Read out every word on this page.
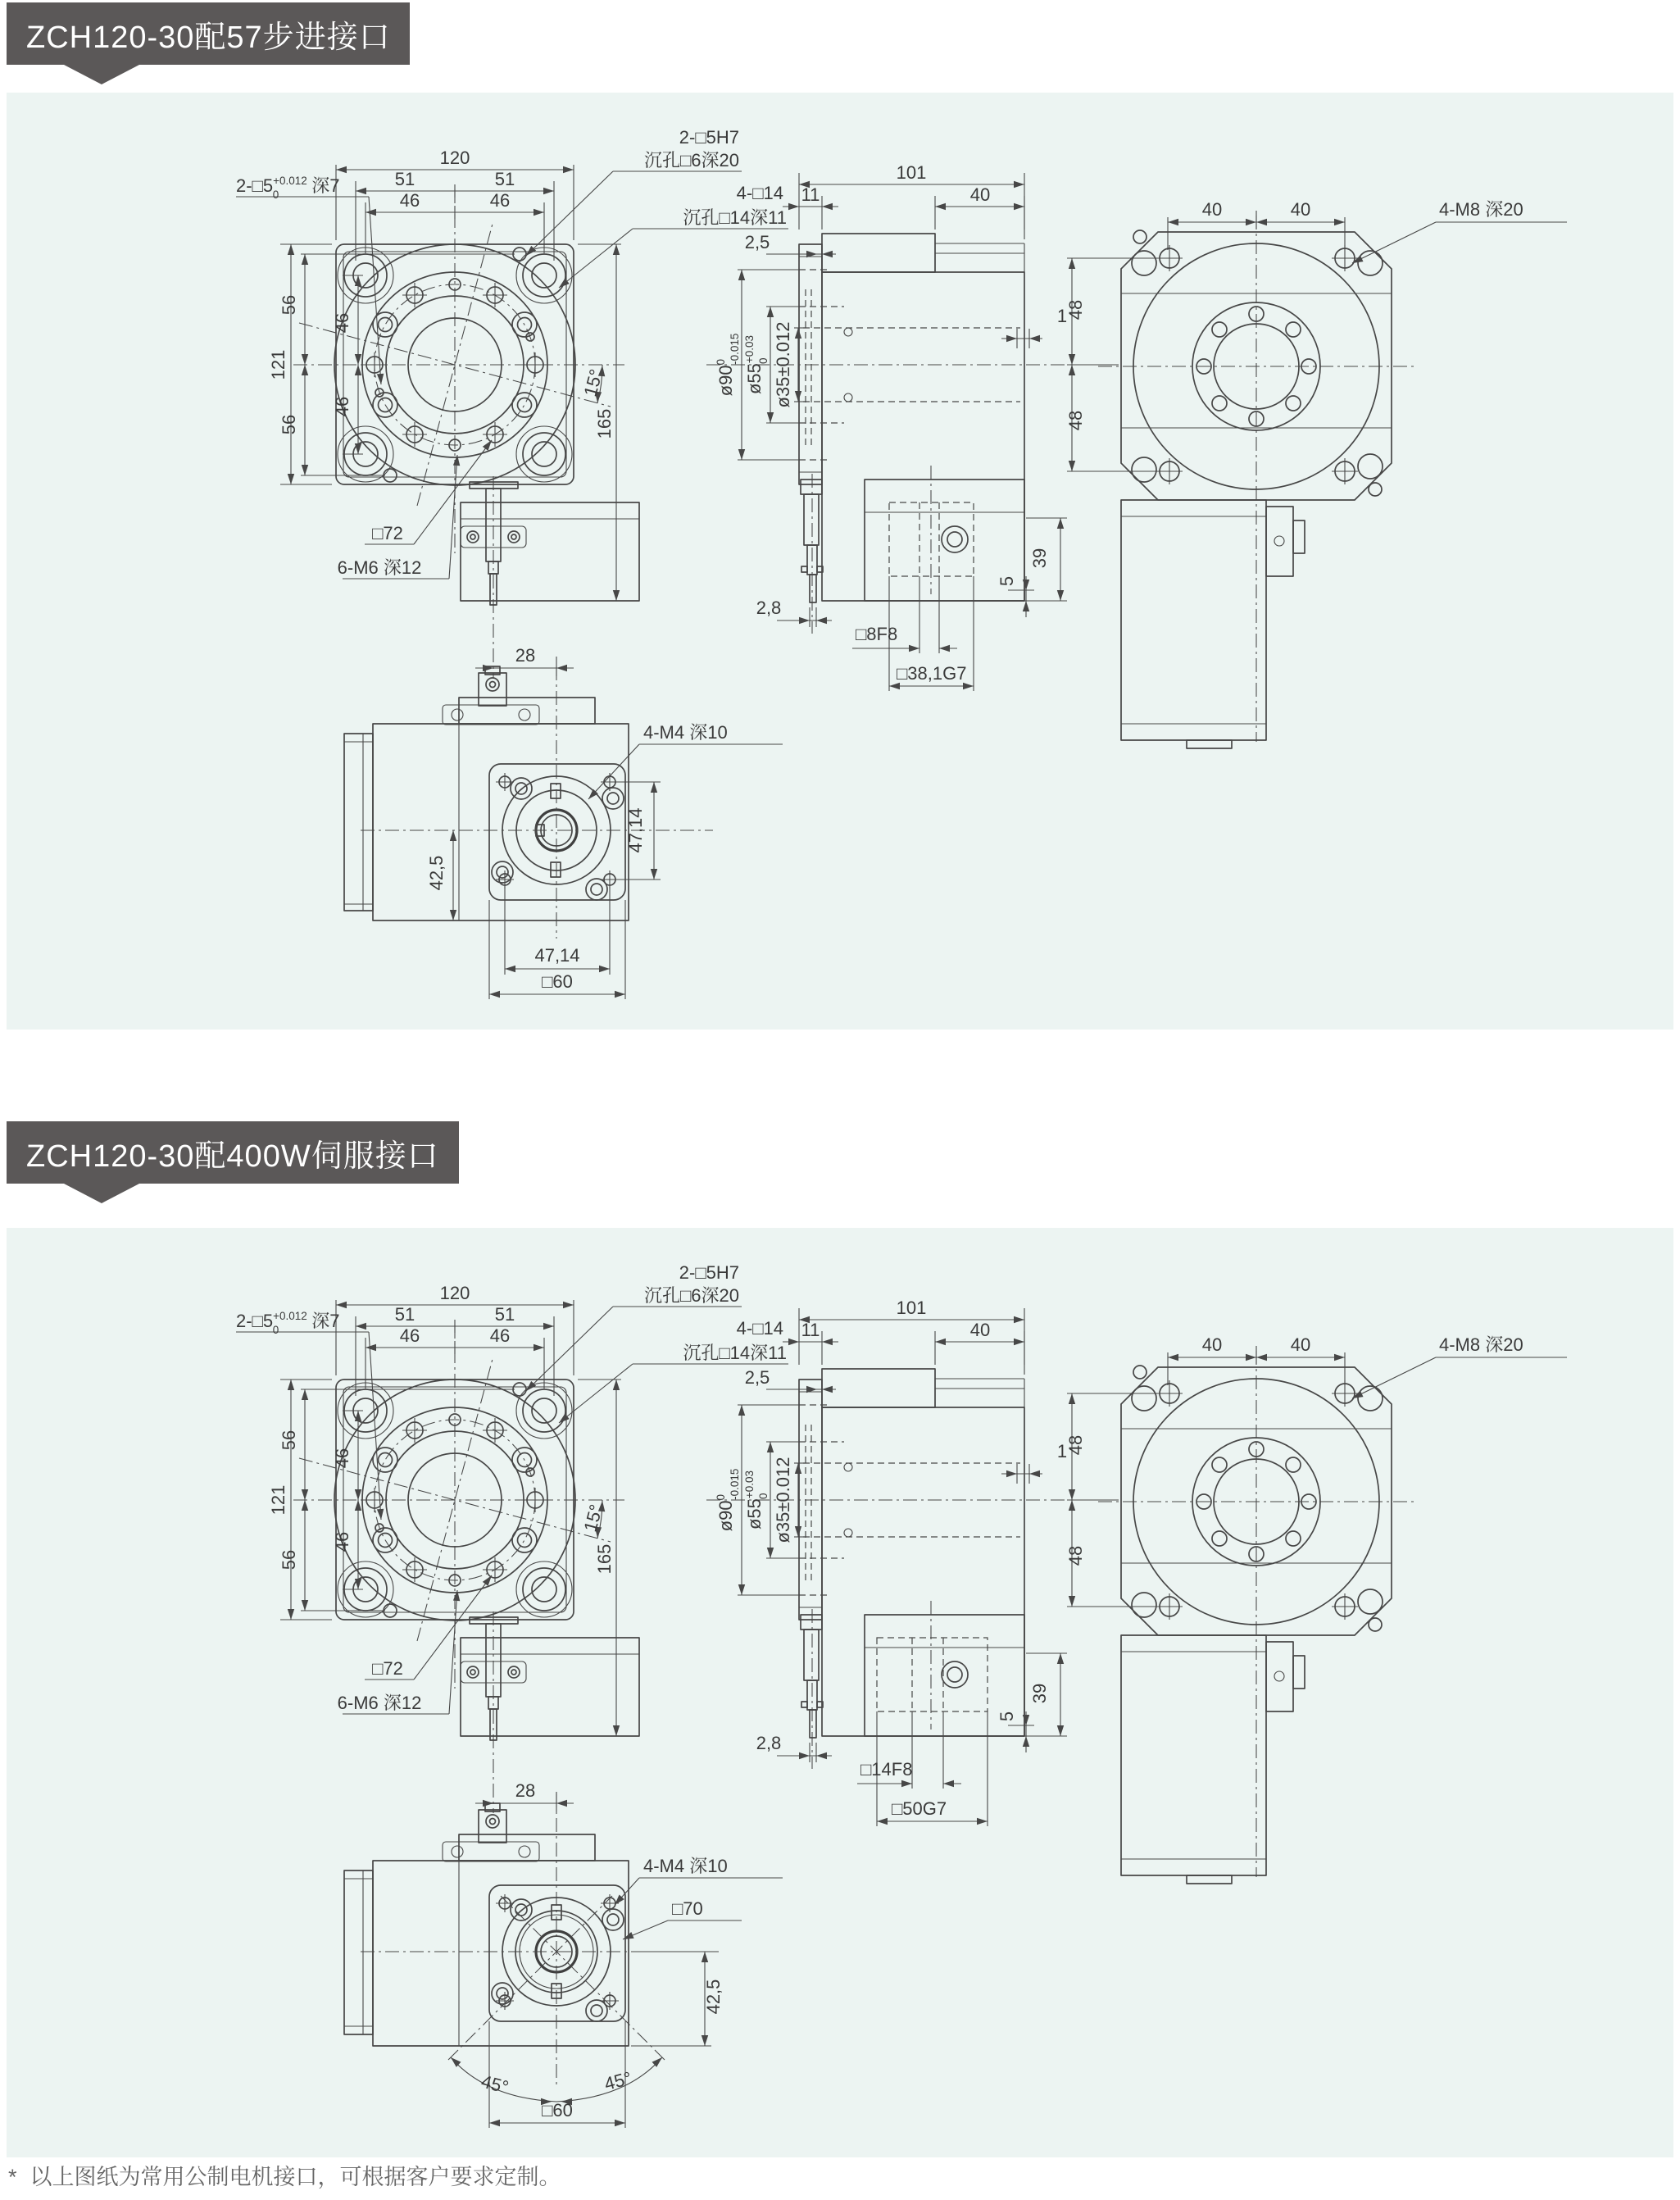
ZCH120-30配57步进接口
120
51	51
46	46
121
56
46
46
56
15°
165
$2-□5^{+0.012}$ 0 深7
2-□5H7
沉孔□6深20
4-□14
沉孔□14深11
□72
6-M6 深12
28
101
11	40
2,5
$ø90^0$ -0.015
$ø55^{+0.03}$ 0 ø35±0.012
1
48
48
39
5
2,8
□8F8
□38,1G7
40	40	4-M8 深20
4-M4 深10
47,14
42,5
47,14
□60
ZCH120-30配400W伺服接口
120
51	51
46	46
121
56
46
46
56
15°
165
$2-□5^{+0.012}$ 0 深7
2-□5H7
沉孔□6深20
4-□14
沉孔□14深11
□72
6-M6 深12
28
101
11	40
2,5
$ø90^0$ -0.015
$ø55^{+0.03}$ 0 ø35±0.012
1
48
48
39
5
2,8
□14F8
□50G7
40	40	4-M8 深20
4-M4 深10
□70
42,5
45°	45°
□60
* 以上图纸为常用公制电机接口，可根据客户要求定制。
